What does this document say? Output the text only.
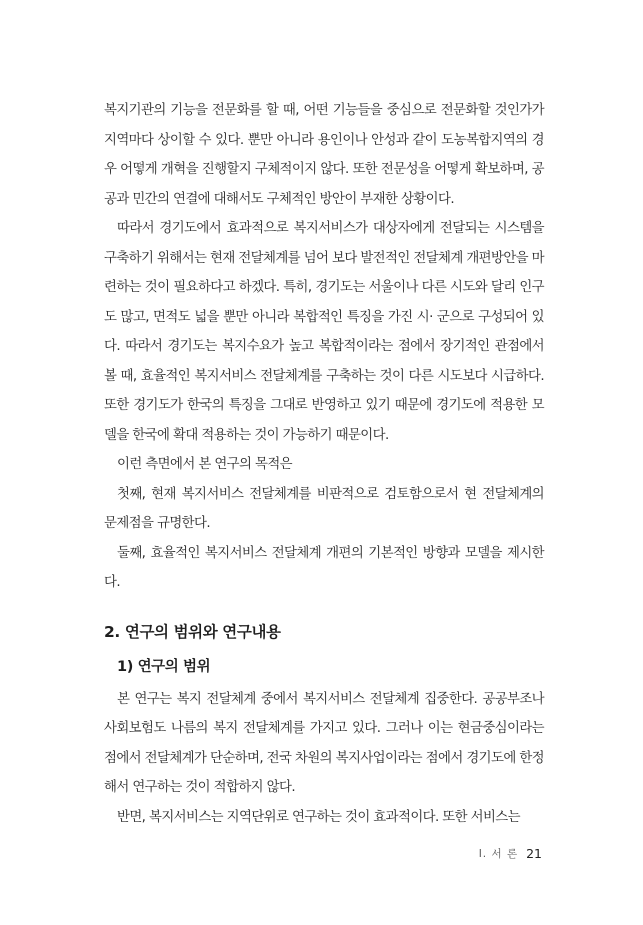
복지기관의 기능을 전문화를 할 때, 어떤 기능들을 중심으로 전문화할 것인가가 지역마다 상이할 수 있다. 뿐만 아니라 용인이나 안성과 같이 도농복합지역의 경우 어떻게 개혁을 진행할지 구체적이지 않다. 또한 전문성을 어떻게 확보하며, 공공과 민간의 연결에 대해서도 구체적인 방안이 부재한 상황이다.

따라서 경기도에서 효과적으로 복지서비스가 대상자에게 전달되는 시스템을 구축하기 위해서는 현재 전달체계를 넘어 보다 발전적인 전달체계 개편방안을 마련하는 것이 필요하다고 하겠다. 특히, 경기도는 서울이나 다른 시도와 달리 인구도 많고, 면적도 넓을 뿐만 아니라 복합적인 특징을 가진 시· 군으로 구성되어 있다. 따라서 경기도는 복지수요가 높고 복합적이라는 점에서 장기적인 관점에서 볼 때, 효율적인 복지서비스 전달체계를 구축하는 것이 다른 시도보다 시급하다. 또한 경기도가 한국의 특징을 그대로 반영하고 있기 때문에 경기도에 적용한 모델을 한국에 확대 적용하는 것이 가능하기 때문이다.

이런 측면에서 본 연구의 목적은

첫째, 현재 복지서비스 전달체계를 비판적으로 검토함으로서 현 전달체계의 문제점을 규명한다.

둘째, 효율적인 복지서비스 전달체계 개편의 기본적인 방향과 모델을 제시한다.

2. 연구의 범위와 연구내용
1) 연구의 범위

본 연구는 복지 전달체계 중에서 복지서비스 전달체계 집중한다. 공공부조나 사회보험도 나름의 복지 전달체계를 가지고 있다. 그러나 이는 현금중심이라는 점에서 전달체계가 단순하며, 전국 차원의 복지사업이라는 점에서 경기도에 한정해서 연구하는 것이 적합하지 않다.

반면, 복지서비스는 지역단위로 연구하는 것이 효과적이다. 또한 서비스는

Ⅰ. 서 론 21
